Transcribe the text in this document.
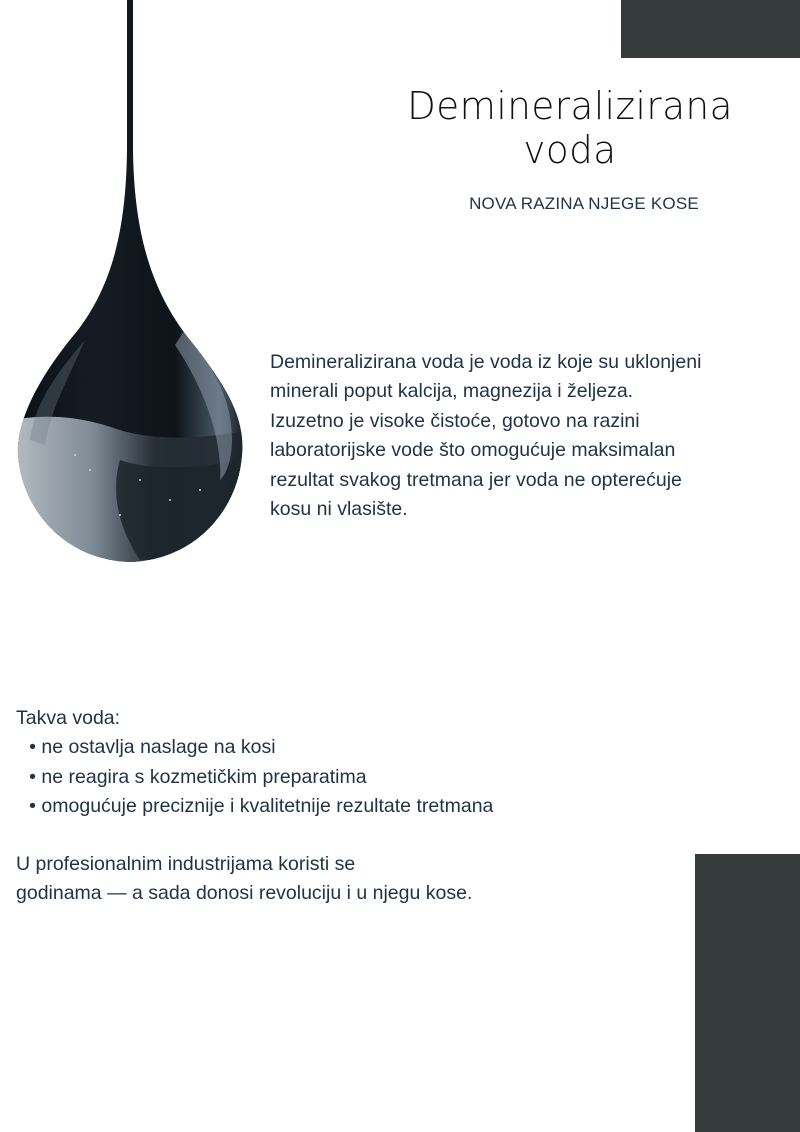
Demineralizirana
voda
NOVA RAZINA NJEGE KOSE
Demineralizirana voda je voda iz koje su uklonjeni
minerali poput kalcija, magnezija i željeza.
Izuzetno je visoke čistoće, gotovo na razini
laboratorijske vode što omogućuje maksimalan
rezultat svakog tretmana jer voda ne opterećuje
kosu ni vlasište.
Takva voda:
• ne ostavlja naslage na kosi
• ne reagira s kozmetičkim preparatima
• omogućuje preciznije i kvalitetnije rezultate tretmana
U profesionalnim industrijama koristi se
godinama — a sada donosi revoluciju i u njegu kose.
